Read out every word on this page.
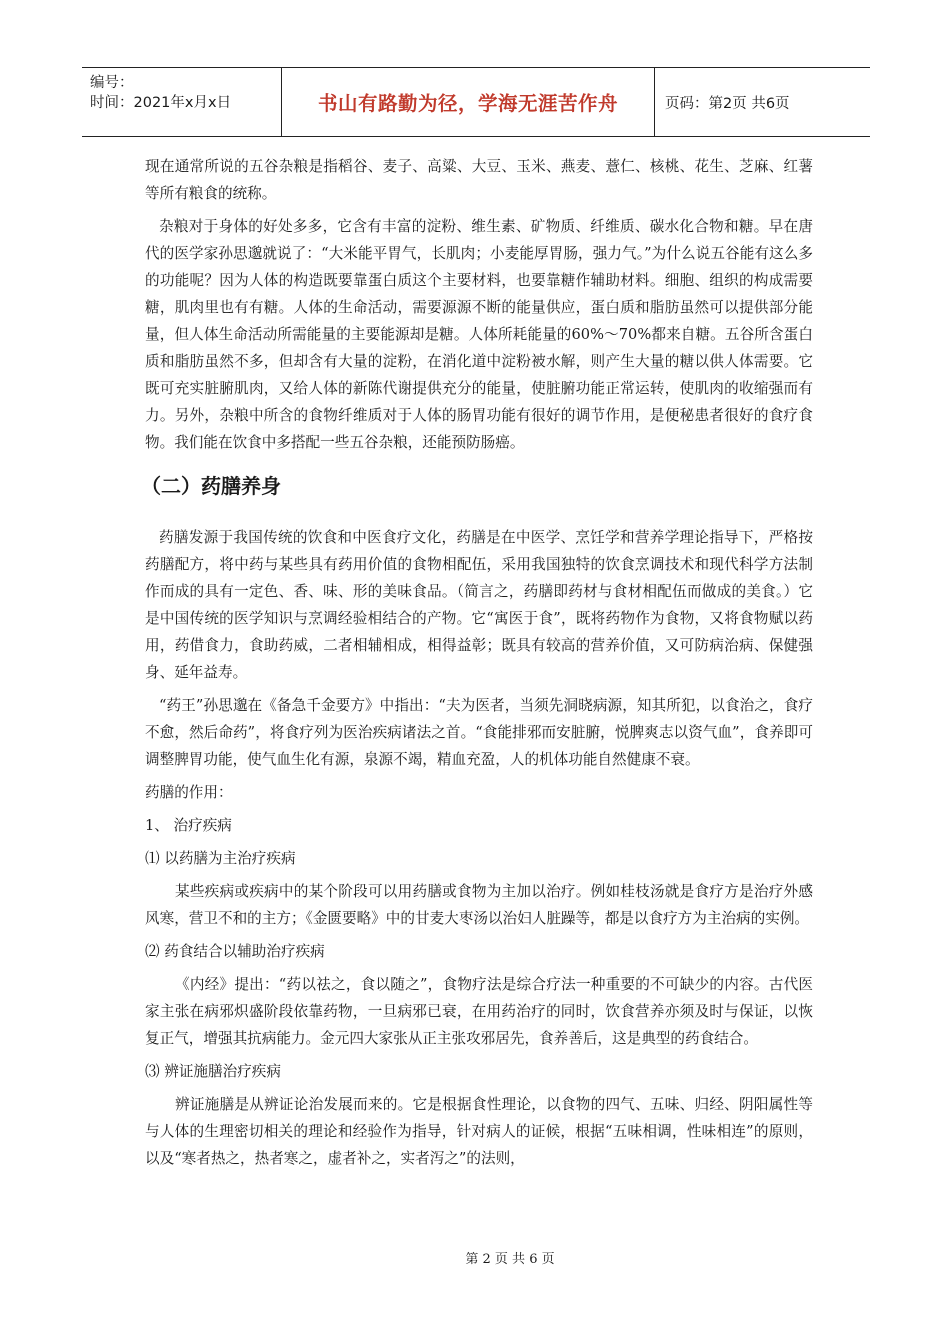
编号：
时间：2021年x月x日	书山有路勤为径，学海无涯苦作舟	页码：第2页 共6页

现在通常所说的五谷杂粮是指稻谷、麦子、高粱、大豆、玉米、燕麦、薏仁、核桃、花生、芝麻、红薯等所有粮食的统称。

杂粮对于身体的好处多多，它含有丰富的淀粉、维生素、矿物质、纤维质、碳水化合物和糖。早在唐代的医学家孙思邈就说了：“大米能平胃气，长肌肉；小麦能厚胃肠，强力气。”为什么说五谷能有这么多的功能呢？因为人体的构造既要靠蛋白质这个主要材料，也要靠糖作辅助材料。细胞、组织的构成需要糖，肌肉里也有有糖。人体的生命活动，需要源源不断的能量供应，蛋白质和脂肪虽然可以提供部分能量，但人体生命活动所需能量的主要能源却是糖。人体所耗能量的60%～70%都来自糖。五谷所含蛋白质和脂肪虽然不多，但却含有大量的淀粉，在消化道中淀粉被水解，则产生大量的糖以供人体需要。它既可充实脏腑肌肉，又给人体的新陈代谢提供充分的能量，使脏腑功能正常运转，使肌肉的收缩强而有力。另外，杂粮中所含的食物纤维质对于人体的肠胃功能有很好的调节作用，是便秘患者很好的食疗食物。我们能在饮食中多搭配一些五谷杂粮，还能预防肠癌。

（二）药膳养身

药膳发源于我国传统的饮食和中医食疗文化，药膳是在中医学、烹饪学和营养学理论指导下，严格按药膳配方，将中药与某些具有药用价值的食物相配伍，采用我国独特的饮食烹调技术和现代科学方法制作而成的具有一定色、香、味、形的美味食品。（简言之，药膳即药材与食材相配伍而做成的美食。）它是中国传统的医学知识与烹调经验相结合的产物。它“寓医于食”，既将药物作为食物，又将食物赋以药用，药借食力，食助药威，二者相辅相成，相得益彰；既具有较高的营养价值，又可防病治病、保健强身、延年益寿。

“药王”孙思邈在《备急千金要方》中指出：“夫为医者，当须先洞晓病源，知其所犯，以食治之，食疗不愈，然后命药”，将食疗列为医治疾病诸法之首。“食能排邪而安脏腑，悦脾爽志以资气血”，食养即可调整脾胃功能，使气血生化有源，泉源不竭，精血充盈，人的机体功能自然健康不衰。

药膳的作用：

1、 治疗疾病

⑴ 以药膳为主治疗疾病

某些疾病或疾病中的某个阶段可以用药膳或食物为主加以治疗。例如桂枝汤就是食疗方是治疗外感风寒，营卫不和的主方；《金匮要略》中的甘麦大枣汤以治妇人脏躁等，都是以食疗方为主治病的实例。

⑵ 药食结合以辅助治疗疾病

《内经》提出：“药以祛之，食以随之”，食物疗法是综合疗法一种重要的不可缺少的内容。古代医家主张在病邪炽盛阶段依靠药物，一旦病邪已衰，在用药治疗的同时，饮食营养亦须及时与保证，以恢复正气，增强其抗病能力。金元四大家张从正主张攻邪居先，食养善后，这是典型的药食结合。

⑶ 辨证施膳治疗疾病

辨证施膳是从辨证论治发展而来的。它是根据食性理论，以食物的四气、五味、归经、阴阳属性等与人体的生理密切相关的理论和经验作为指导，针对病人的证候，根据“五味相调，性味相连”的原则，以及“寒者热之，热者寒之，虚者补之，实者泻之”的法则，

第 2 页 共 6 页
